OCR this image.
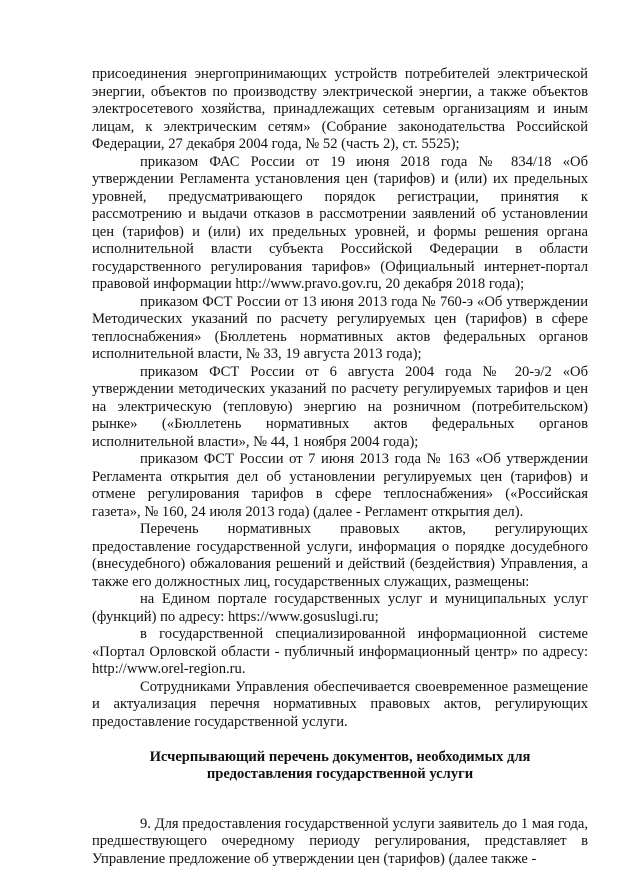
присоединения энергопринимающих устройств потребителей электрической энергии, объектов по производству электрической энергии, а также объектов электросетевого хозяйства, принадлежащих сетевым организациям и иным лицам, к электрическим сетям» (Собрание законодательства Российской Федерации, 27 декабря 2004 года, № 52 (часть 2), ст. 5525);

приказом ФАС России от 19 июня 2018 года № 834/18 «Об утверждении Регламента установления цен (тарифов) и (или) их предельных уровней, предусматривающего порядок регистрации, принятия к рассмотрению и выдачи отказов в рассмотрении заявлений об установлении цен (тарифов) и (или) их предельных уровней, и формы решения органа исполнительной власти субъекта Российской Федерации в области государственного регулирования тарифов» (Официальный интернет-портал правовой информации http://www.pravo.gov.ru, 20 декабря 2018 года);

приказом ФСТ России от 13 июня 2013 года № 760-э «Об утверждении Методических указаний по расчету регулируемых цен (тарифов) в сфере теплоснабжения» (Бюллетень нормативных актов федеральных органов исполнительной власти, № 33, 19 августа 2013 года);

приказом ФСТ России от 6 августа 2004 года № 20-э/2 «Об утверждении методических указаний по расчету регулируемых тарифов и цен на электрическую (тепловую) энергию на розничном (потребительском) рынке» («Бюллетень нормативных актов федеральных органов исполнительной власти», № 44, 1 ноября 2004 года);

приказом ФСТ России от 7 июня 2013 года № 163 «Об утверждении Регламента открытия дел об установлении регулируемых цен (тарифов) и отмене регулирования тарифов в сфере теплоснабжения» («Российская газета», № 160, 24 июля 2013 года) (далее - Регламент открытия дел).

Перечень нормативных правовых актов, регулирующих предоставление государственной услуги, информация о порядке досудебного (внесудебного) обжалования решений и действий (бездействия) Управления, а также его должностных лиц, государственных служащих, размещены:

на Едином портале государственных услуг и муниципальных услуг (функций) по адресу: https://www.gosuslugi.ru;

в государственной специализированной информационной системе «Портал Орловской области - публичный информационный центр» по адресу: http://www.orel-region.ru.

Сотрудниками Управления обеспечивается своевременное размещение и актуализация перечня нормативных правовых актов, регулирующих предоставление государственной услуги.

Исчерпывающий перечень документов, необходимых для предоставления государственной услуги

9. Для предоставления государственной услуги заявитель до 1 мая года, предшествующего очередному периоду регулирования, представляет в Управление предложение об утверждении цен (тарифов) (далее также -
